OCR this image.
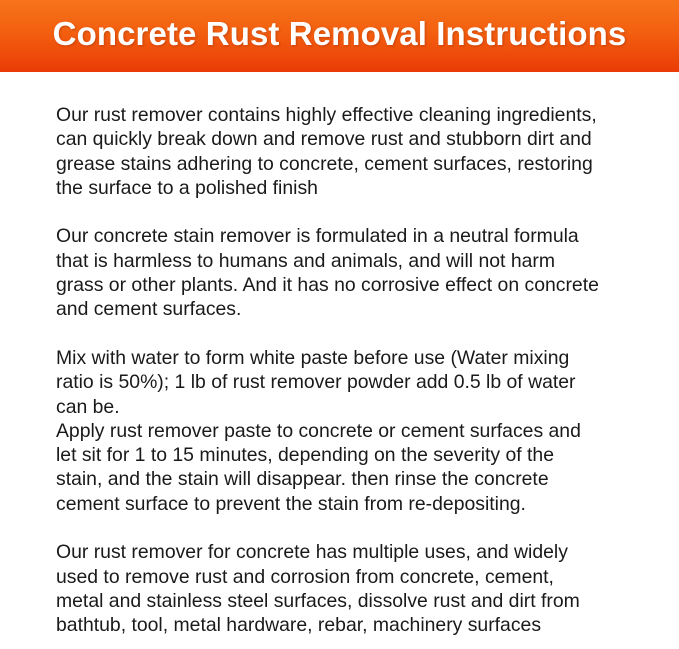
Concrete Rust Removal Instructions

Our rust remover contains highly effective cleaning ingredients,
can quickly break down and remove rust and stubborn dirt and
grease stains adhering to concrete, cement surfaces, restoring
the surface to a polished finish

Our concrete stain remover is formulated in a neutral formula
that is harmless to humans and animals, and will not harm
grass or other plants. And it has no corrosive effect on concrete
and cement surfaces.

Mix with water to form white paste before use (Water mixing
ratio is 50%); 1 lb of rust remover powder add 0.5 lb of water
can be.

Apply rust remover paste to concrete or cement surfaces and
let sit for 1 to 15 minutes, depending on the severity of the
stain, and the stain will disappear. then rinse the concrete
cement surface to prevent the stain from re-depositing.

Our rust remover for concrete has multiple uses, and widely
used to remove rust and corrosion from concrete, cement,
metal and stainless steel surfaces, dissolve rust and dirt from
bathtub, tool, metal hardware, rebar, machinery surfaces
